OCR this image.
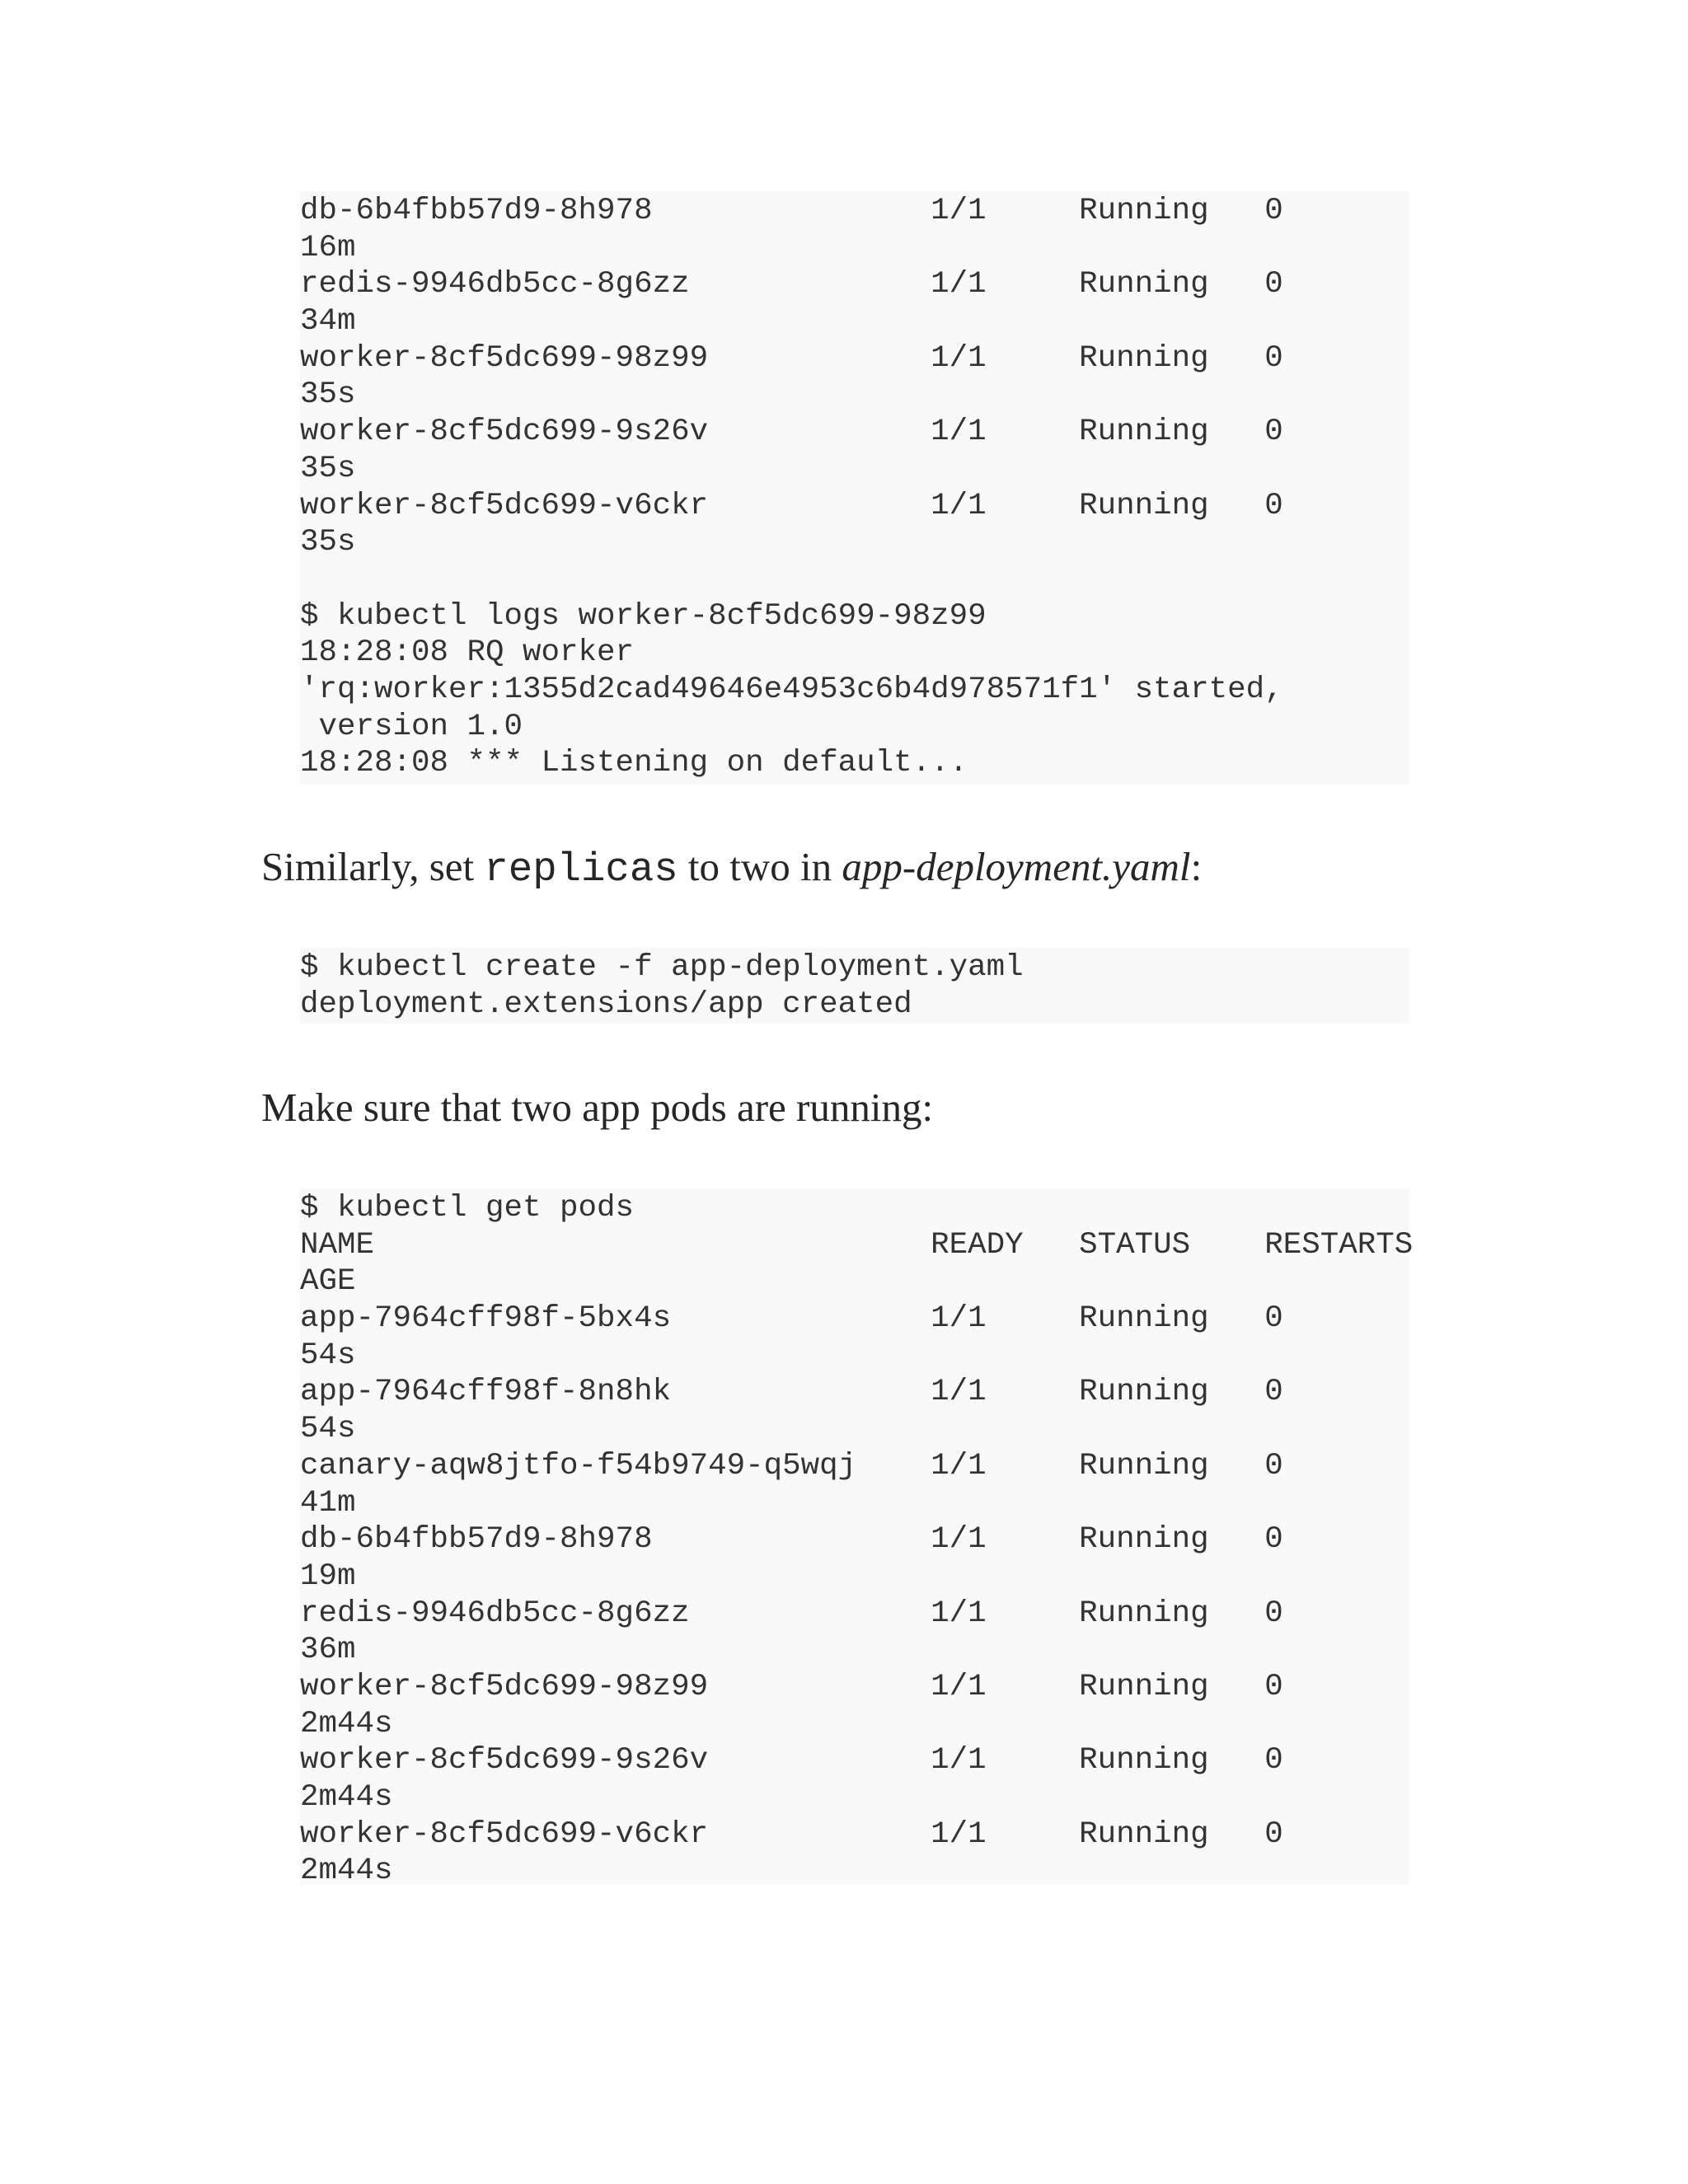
db-6b4fbb57d9-8h978               1/1     Running   0
16m
redis-9946db5cc-8g6zz             1/1     Running   0
34m
worker-8cf5dc699-98z99            1/1     Running   0
35s
worker-8cf5dc699-9s26v            1/1     Running   0
35s
worker-8cf5dc699-v6ckr            1/1     Running   0
35s
$ kubectl logs worker-8cf5dc699-98z99
18:28:08 RQ worker
'rq:worker:1355d2cad49646e4953c6b4d978571f1' started,
version 1.0
18:28:08 *** Listening on default...

Similarly, set replicas to two in app-deployment.yaml:

$ kubectl create -f app-deployment.yaml
deployment.extensions/app created

Make sure that two app pods are running:

$ kubectl get pods
NAME                              READY   STATUS    RESTARTS
AGE
app-7964cff98f-5bx4s              1/1     Running   0
54s
app-7964cff98f-8n8hk              1/1     Running   0
54s
canary-aqw8jtfo-f54b9749-q5wqj    1/1     Running   0
41m
db-6b4fbb57d9-8h978               1/1     Running   0
19m
redis-9946db5cc-8g6zz             1/1     Running   0
36m
worker-8cf5dc699-98z99            1/1     Running   0
2m44s
worker-8cf5dc699-9s26v            1/1     Running   0
2m44s
worker-8cf5dc699-v6ckr            1/1     Running   0
2m44s
